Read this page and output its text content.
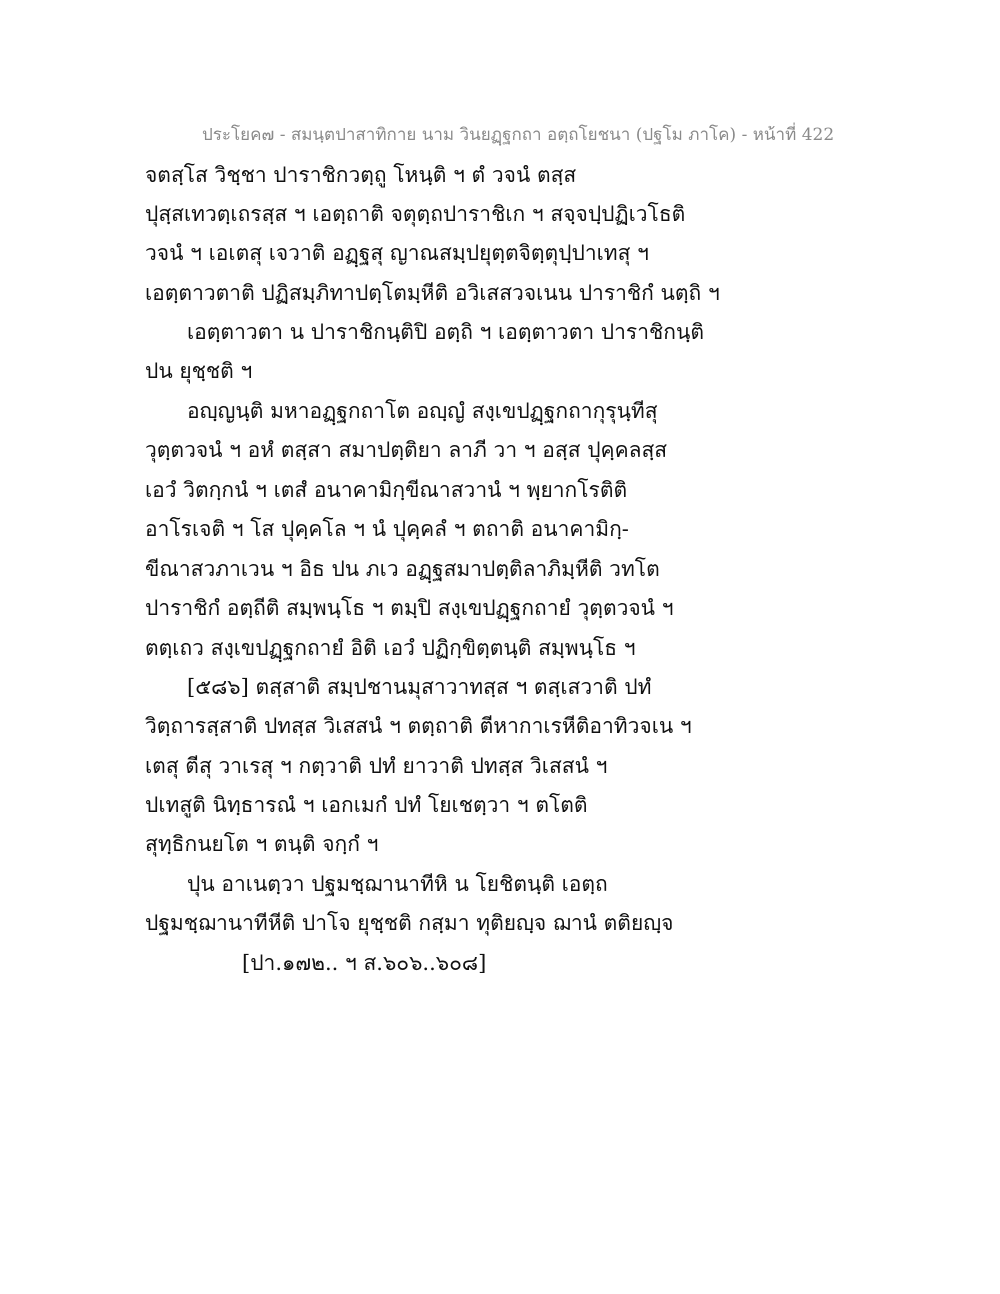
ประโยค๗ - สมนฺตปาสาทิกาย นาม วินยฏฺฐกถา อตฺถโยชนา (ปฐโม ภาโค) - หน้าที่ 422
จตสฺโส วิชฺชา ปาราชิกวตฺถู โหนฺติ ฯ ตํ วจนํ ตสฺส
ปุสฺสเทวตฺเถรสฺส ฯ เอตฺถาติ จตุตฺถปาราชิเก ฯ สจฺจปฺปฏิเวโธติ
วจนํ ฯ เอเตสุ เจวาติ อฏฺฐสุ ญาณสมฺปยุตฺตจิตฺตุปฺปาเทสุ ฯ
เอตฺตาวตาติ ปฏิสมฺภิทาปตฺโตมฺหีติ อวิเสสวจเนน ปาราชิกํ นตฺถิ ฯ
เอตฺตาวตา น ปาราชิกนฺติปิ อตฺถิ ฯ เอตฺตาวตา ปาราชิกนฺติ
ปน ยุชฺชติ ฯ
อญฺญนฺติ มหาอฏฺฐกถาโต อญฺญํ สงฺเขปฏฺฐกถากุรุนฺทีสุ
วุตฺตวจนํ ฯ อหํ ตสฺสา สมาปตฺติยา ลาภี วา ฯ อสฺส ปุคฺคลสฺส
เอวํ วิตกฺกนํ ฯ เตสํ อนาคามิกฺขีณาสวานํ ฯ พฺยากโรติติ
อาโรเจติ ฯ โส ปุคฺคโล ฯ นํ ปุคฺคลํ ฯ ตถาติ อนาคามิกฺ-
ขีณาสวภาเวน ฯ อิธ ปน ภเว อฏฺฐสมาปตฺติลาภิมฺหีติ วทโต
ปาราชิกํ อตฺถีติ สมฺพนฺโธ ฯ ตมฺปิ สงฺเขปฏฺฐกถายํ วุตฺตวจนํ ฯ
ตตฺเถว สงฺเขปฏฺฐกถายํ อิติ เอวํ ปฏิกฺขิตฺตนฺติ สมฺพนฺโธ ฯ
[๕๘๖] ตสฺสาติ สมฺปชานมุสาวาทสฺส ฯ ตสฺเสวาติ ปทํ
วิตฺถารสฺสาติ ปทสฺส วิเสสนํ ฯ ตตฺถาติ ตีหากาเรหีติอาทิวจเน ฯ
เตสุ ตีสุ วาเรสุ ฯ กตฺวาติ ปทํ ยาวาติ ปทสฺส วิเสสนํ ฯ
ปเทสูติ นิทฺธารณํ ฯ เอกเมกํ ปทํ โยเชตฺวา ฯ ตโตติ
สุทฺธิกนยโต ฯ ตนฺติ จกฺกํ ฯ
ปุน อาเนตฺวา ปฐมชฺฌานาทีหิ น โยชิตนฺติ เอตฺถ
ปฐมชฺฌานาทีหีติ ปาโจ ยุชฺชติ กสฺมา ทุติยญฺจ ฌานํ ตติยญฺจ
[ปา.๑๗๒.. ฯ ส.๖๐๖..๖๐๘]
